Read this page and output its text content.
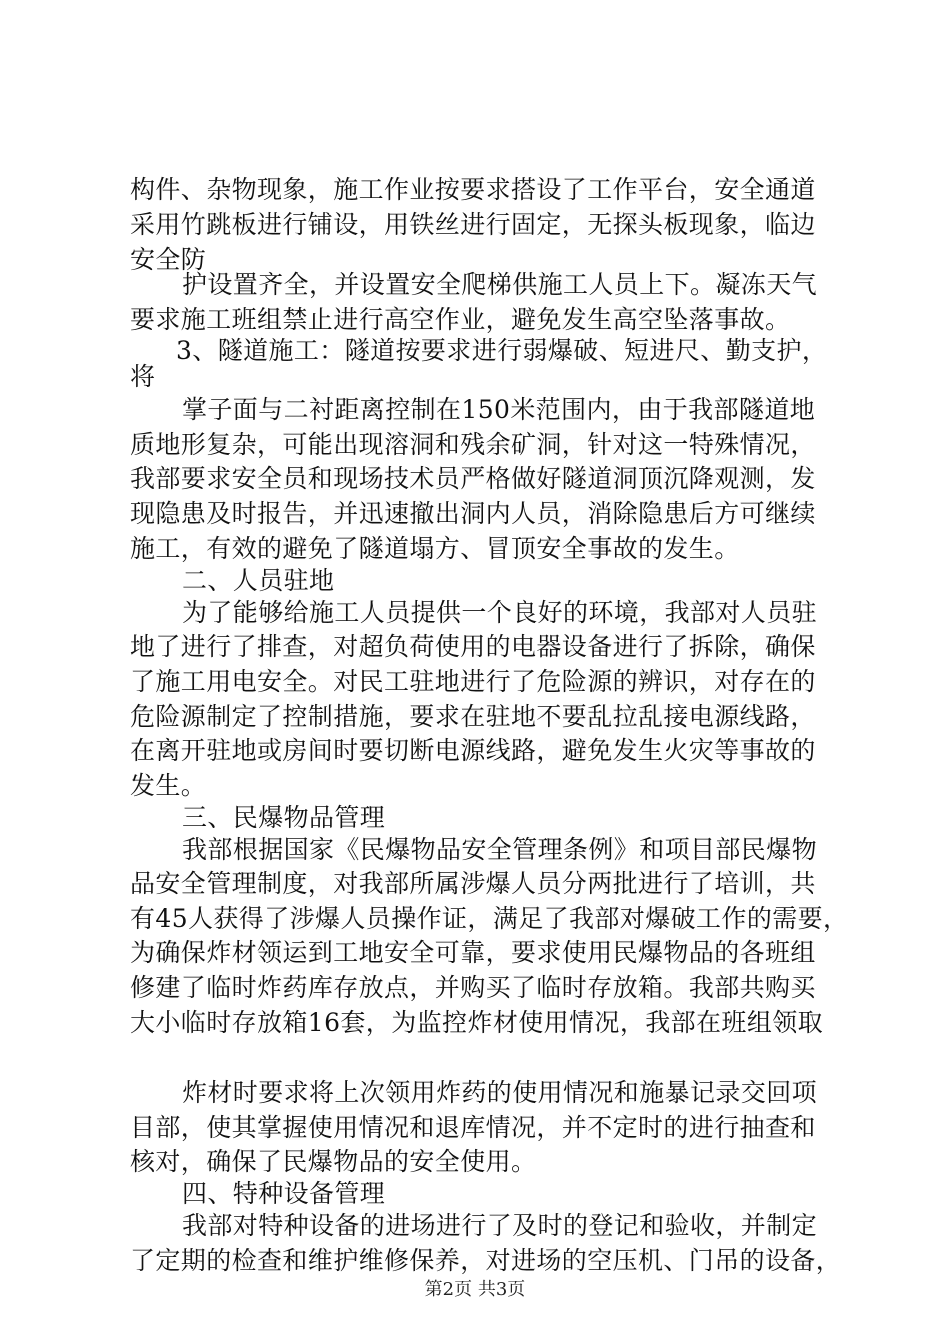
构件、杂物现象，施工作业按要求搭设了工作平台，安全通道
采用竹跳板进行铺设，用铁丝进行固定，无探头板现象，临边
安全防
护设置齐全，并设置安全爬梯供施工人员上下。凝冻天气
要求施工班组禁止进行高空作业，避免发生高空坠落事故。
3、隧道施工：隧道按要求进行弱爆破、短进尺、勤支护，
将
掌子面与二衬距离控制在150米范围内，由于我部隧道地
质地形复杂，可能出现溶洞和残余矿洞，针对这一特殊情况，
我部要求安全员和现场技术员严格做好隧道洞顶沉降观测，发
现隐患及时报告，并迅速撤出洞内人员，消除隐患后方可继续
施工，有效的避免了隧道塌方、冒顶安全事故的发生。
二、人员驻地
为了能够给施工人员提供一个良好的环境，我部对人员驻
地了进行了排查，对超负荷使用的电器设备进行了拆除，确保
了施工用电安全。对民工驻地进行了危险源的辨识，对存在的
危险源制定了控制措施，要求在驻地不要乱拉乱接电源线路，
在离开驻地或房间时要切断电源线路，避免发生火灾等事故的
发生。
三、民爆物品管理
我部根据国家《民爆物品安全管理条例》和项目部民爆物
品安全管理制度，对我部所属涉爆人员分两批进行了培训，共
有45人获得了涉爆人员操作证，满足了我部对爆破工作的需要，
为确保炸材领运到工地安全可靠，要求使用民爆物品的各班组
修建了临时炸药库存放点，并购买了临时存放箱。我部共购买
大小临时存放箱16套，为监控炸材使用情况，我部在班组领取
炸材时要求将上次领用炸药的使用情况和施暴记录交回项
目部，使其掌握使用情况和退库情况，并不定时的进行抽查和
核对，确保了民爆物品的安全使用。
四、特种设备管理
我部对特种设备的进场进行了及时的登记和验收，并制定
了定期的检查和维护维修保养，对进场的空压机、门吊的设备，
第2页 共3页
